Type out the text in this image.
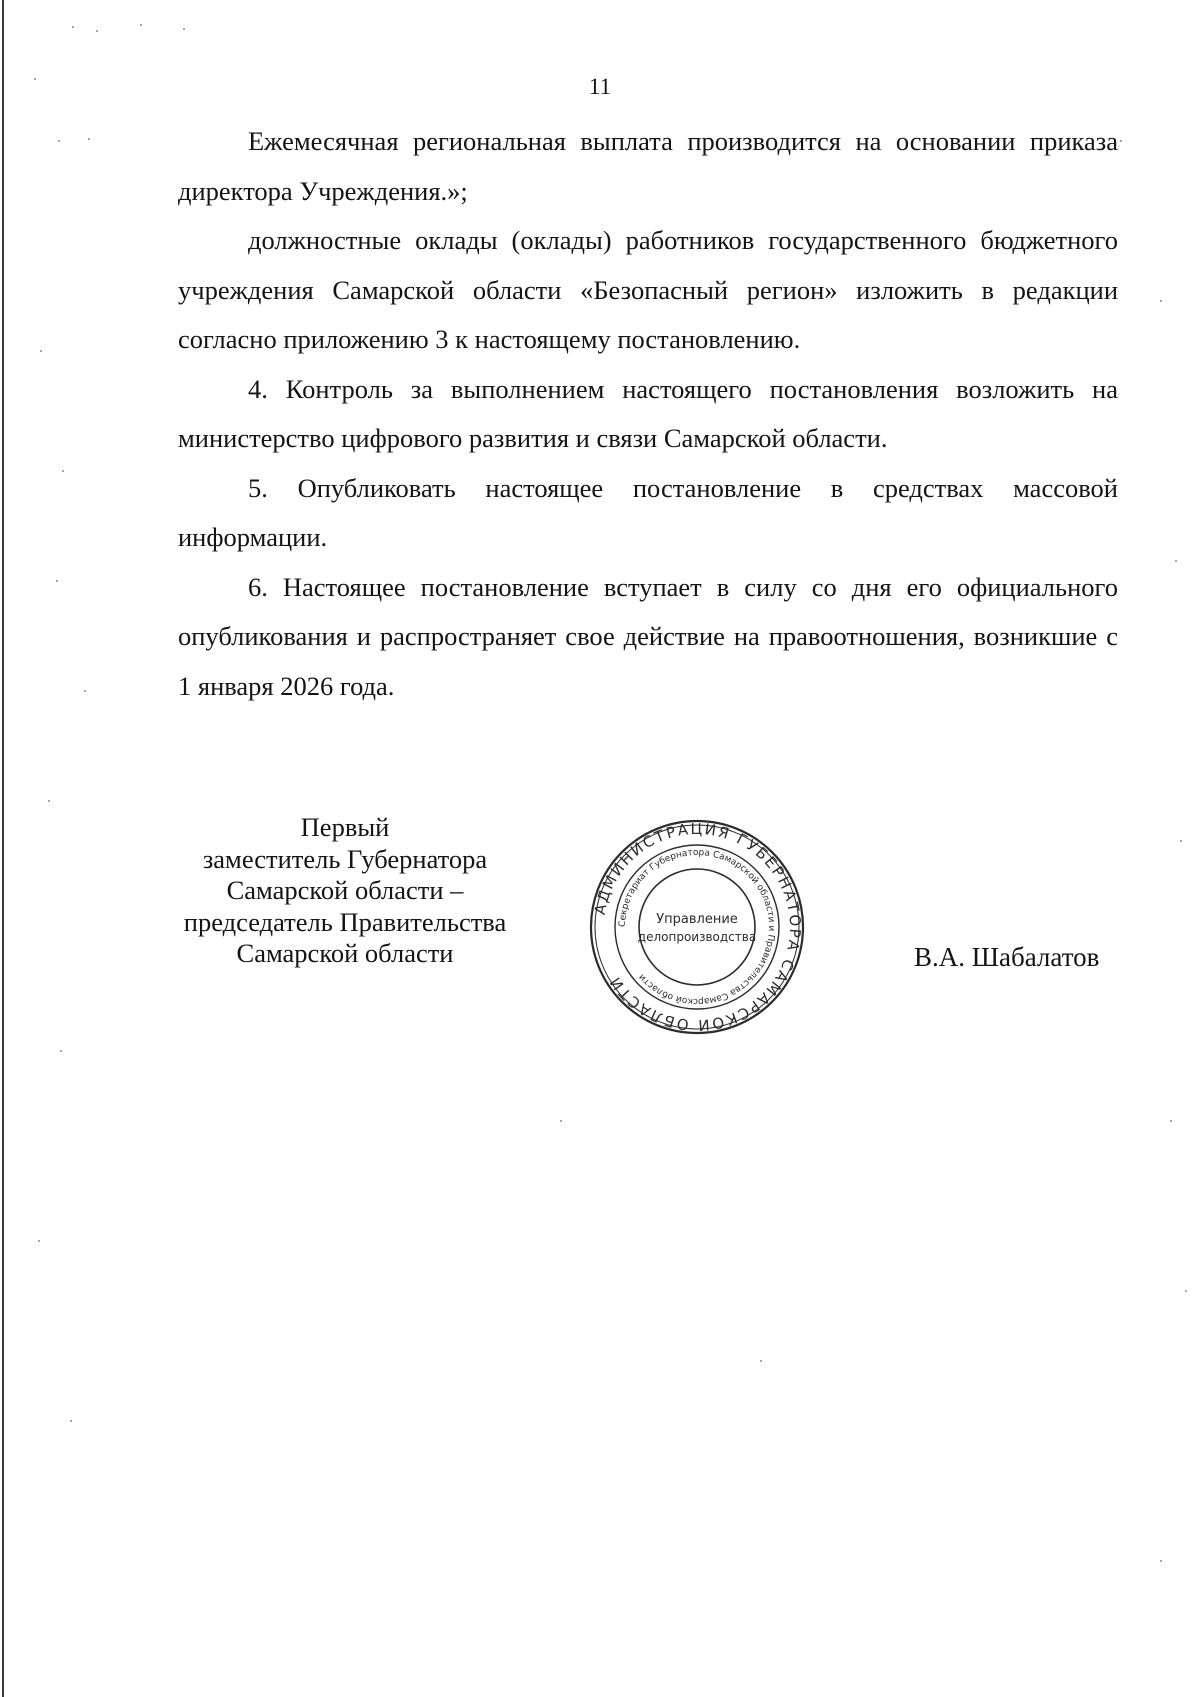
11

Ежемесячная региональная выплата производится на основании приказа директора Учреждения.»;

должностные оклады (оклады) работников государственного бюджетного учреждения Самарской области «Безопасный регион» изложить в редакции согласно приложению 3 к настоящему постановлению.

4. Контроль за выполнением настоящего постановления возложить на министерство цифрового развития и связи Самарской области.

5. Опубликовать настоящее постановление в средствах массовой информации.

6. Настоящее постановление вступает в силу со дня его официального опубликования и распространяет свое действие на правоотношения, возникшие с 1 января 2026 года.

Первый
заместитель Губернатора
Самарской области –
председатель Правительства
Самарской области
АДМИНИСТРАЦИЯ ГУБЕРНАТОРА САМАРСКОЙ ОБЛАСТИ
Секретариат Губернатора Самарской области и Правительства Самарской области
Управление
делопроизводства
В.А. Шабалатов
